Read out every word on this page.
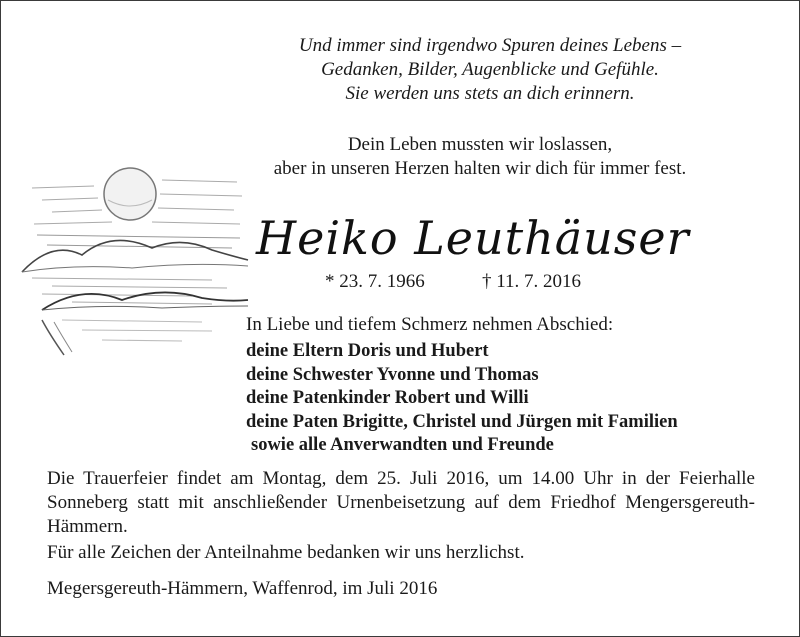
Und immer sind irgendwo Spuren deines Lebens –
Gedanken, Bilder, Augenblicke und Gefühle.
Sie werden uns stets an dich erinnern.
Dein Leben mussten wir loslassen,
aber in unseren Herzen halten wir dich für immer fest.
Heiko Leuthäuser
* 23. 7. 1966	† 11. 7. 2016
In Liebe und tiefem Schmerz nehmen Abschied:
deine Eltern Doris und Hubert
deine Schwester Yvonne und Thomas
deine Patenkinder Robert und Willi
deine Paten Brigitte, Christel und Jürgen mit Familien
sowie alle Anverwandten und Freunde

Die Trauerfeier findet am Montag, dem 25. Juli 2016, um 14.00 Uhr in der Feierhalle Sonneberg statt mit anschließender Urnenbeisetzung auf dem Friedhof Mengersgereuth-Hämmern.

Für alle Zeichen der Anteilnahme bedanken wir uns herzlichst.
Megersgereuth-Hämmern, Waffenrod, im Juli 2016
